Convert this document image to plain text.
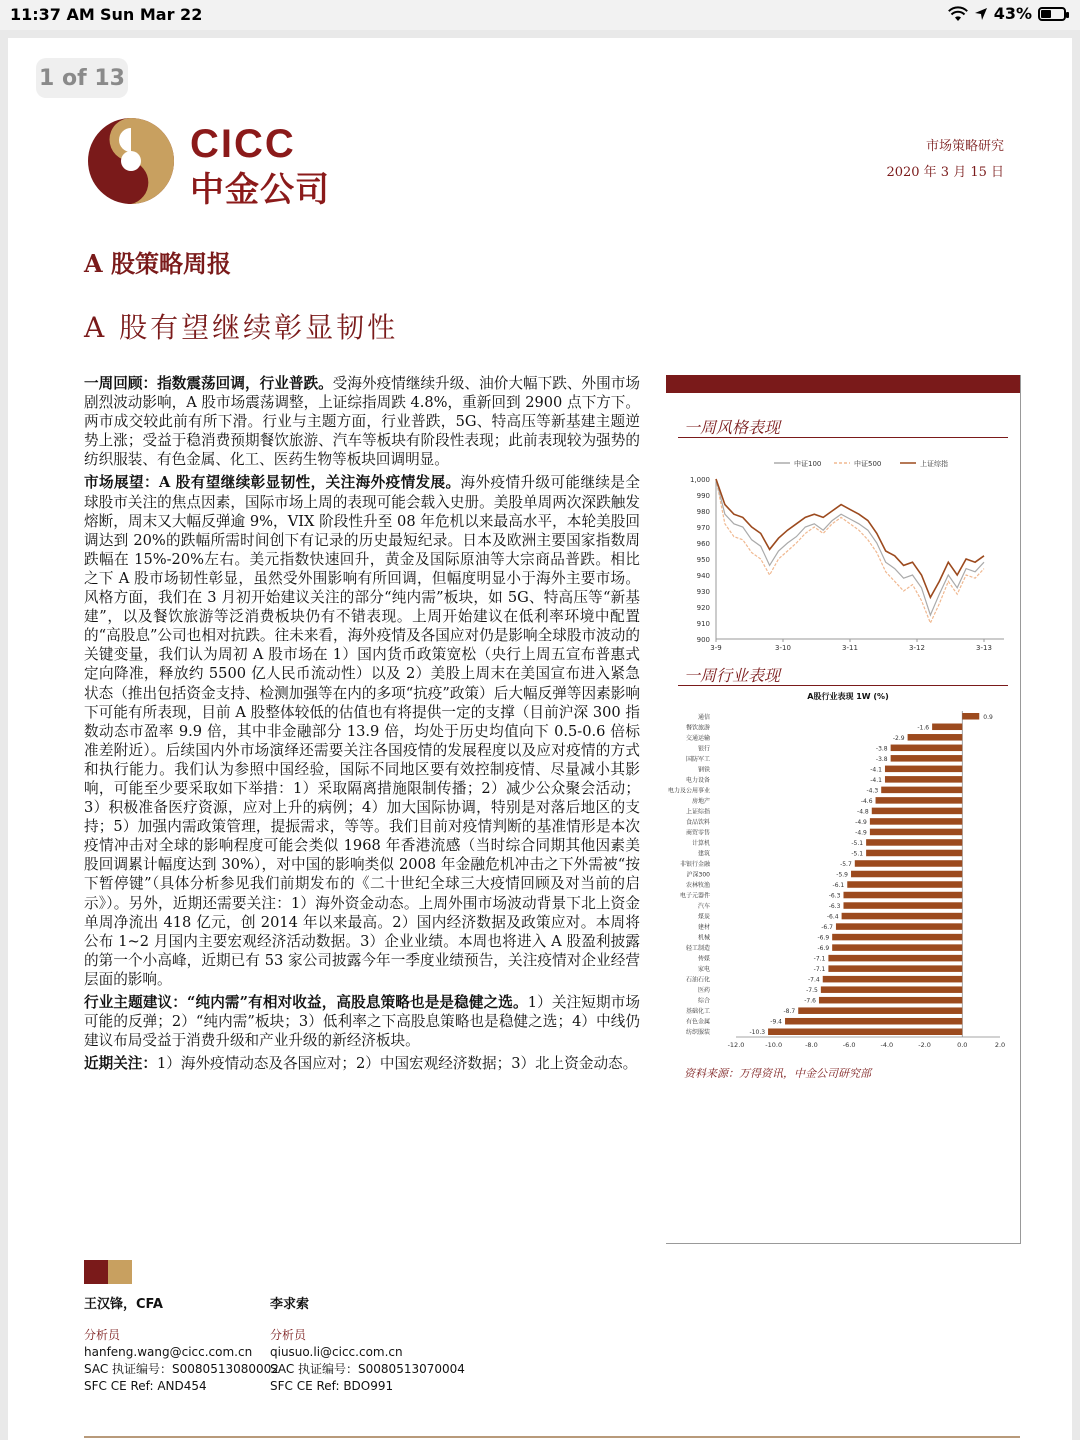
11:37 AM Sun Mar 22	43%
1 of 13
CICC
中金公司
市场策略研究
2020 年 3 月 15 日
A 股策略周报
A 股有望继续彰显韧性

一周回顾：指数震荡回调，行业普跌。受海外疫情继续升级、油价大幅下跌、外围市场剧烈波动影响，A 股市场震荡调整，上证综指周跌 4.8%，重新回到 2900 点下方下。两市成交较此前有所下滑。行业与主题方面，行业普跌，5G、特高压等新基建主题逆势上涨；受益于稳消费预期餐饮旅游、汽车等板块有阶段性表现；此前表现较为强势的纺织服装、有色金属、化工、医药生物等板块回调明显。

市场展望：A 股有望继续彰显韧性，关注海外疫情发展。海外疫情升级可能继续是全球股市关注的焦点因素，国际市场上周的表现可能会载入史册。美股单周两次深跌触发熔断，周末又大幅反弹逾 9%，VIX 阶段性升至 08 年危机以来最高水平，本轮美股回调达到 20%的跌幅所需时间创下有记录的历史最短纪录。日本及欧洲主要国家指数周跌幅在 15%-20%左右。美元指数快速回升，黄金及国际原油等大宗商品普跌。相比之下 A 股市场韧性彰显，虽然受外围影响有所回调，但幅度明显小于海外主要市场。风格方面，我们在 3 月初开始建议关注的部分“纯内需”板块，如 5G、特高压等“新基建”，以及餐饮旅游等泛消费板块仍有不错表现。上周开始建议在低利率环境中配置的“高股息”公司也相对抗跌。往未来看，海外疫情及各国应对仍是影响全球股市波动的关键变量，我们认为周初 A 股市场在 1）国内货币政策宽松（央行上周五宣布普惠式定向降准，释放约 5500 亿人民币流动性）以及 2）美股上周末在美国宣布进入紧急状态（推出包括资金支持、检测加强等在内的多项“抗疫”政策）后大幅反弹等因素影响下可能有所表现，目前 A 股整体较低的估值也有将提供一定的支撑（目前沪深 300 指数动态市盈率 9.9 倍，其中非金融部分 13.9 倍，均处于历史均值向下 0.5-0.6 倍标准差附近）。后续国内外市场演绎还需要关注各国疫情的发展程度以及应对疫情的方式和执行能力。我们认为参照中国经验，国际不同地区要有效控制疫情、尽量减小其影响，可能至少要采取如下举措：1）采取隔离措施限制传播；2）减少公众聚会活动；3）积极准备医疗资源，应对上升的病例；4）加大国际协调，特别是对落后地区的支持；5）加强内需政策管理，提振需求，等等。我们目前对疫情判断的基准情形是本次疫情冲击对全球的影响程度可能会类似 1968 年香港流感（当时综合同期其他因素美股回调累计幅度达到 30%），对中国的影响类似 2008 年金融危机冲击之下外需被“按下暂停键”（具体分析参见我们前期发布的《二十世纪全球三大疫情回顾及对当前的启示》）。另外，近期还需要关注：1）海外资金动态。上周外围市场波动背景下北上资金单周净流出 418 亿元，创 2014 年以来最高。2）国内经济数据及政策应对。本周将公布 1~2 月国内主要宏观经济活动数据。3）企业业绩。本周也将进入 A 股盈利披露的第一个小高峰，近期已有 53 家公司披露今年一季度业绩预告，关注疫情对企业经营层面的影响。

行业主题建议：“纯内需”有相对收益，高股息策略也是是稳健之选。1）关注短期市场可能的反弹；2）“纯内需”板块；3）低利率之下高股息策略也是稳健之选；4）中线仍建议布局受益于消费升级和产业升级的新经济板块。

近期关注：1）海外疫情动态及各国应对；2）中国宏观经济数据；3）北上资金动态。

一周风格表现
900
910
920
930
940
950
960
970
980
990
1,000
3-9	3-10	3-11	3-12	3-13
中证100	中证500	上证综指
一周行业表现
A股行业表现 1W (%)
通信	0.9
餐饮旅游	-1.6
交通运输	-2.9
银行	-3.8
国防军工	-3.8
钢铁	-4.1
电力设备	-4.1
电力及公用事业	-4.3
房地产	-4.6
上证综指	-4.8
食品饮料	-4.9
商贸零售	-4.9
计算机	-5.1
建筑	-5.1
非银行金融	-5.7
沪深300	-5.9
农林牧渔	-6.1
电子元器件	-6.3
汽车	-6.3
煤炭	-6.4
建材	-6.7
机械	-6.9
轻工制造	-6.9
传媒	-7.1
家电	-7.1
石油石化	-7.4
医药	-7.5
综合	-7.6
基础化工	-8.7
有色金属	-9.4
纺织服装	-10.3
-12.0	-10.0	-8.0	-6.0	-4.0	-2.0	0.0	2.0
资料来源：万得资讯，中金公司研究部
王汉锋，CFA
分析员
hanfeng.wang@cicc.com.cn
SAC 执证编号：S0080513080002
SFC CE Ref: AND454
李求索
分析员
qiusuo.li@cicc.com.cn
SAC 执证编号：S0080513070004
SFC CE Ref: BDO991
